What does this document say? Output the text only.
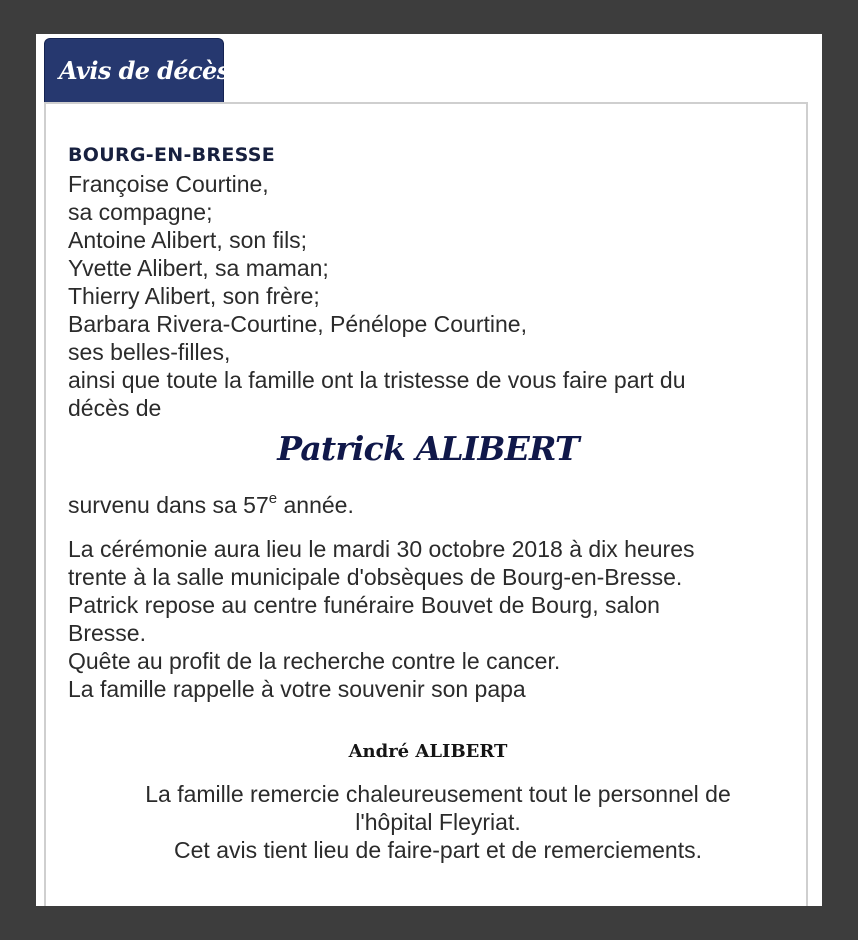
Avis de décès
BOURG-EN-BRESSE
Françoise Courtine,
sa compagne;
Antoine Alibert, son fils;
Yvette Alibert, sa maman;
Thierry Alibert, son frère;
Barbara Rivera-Courtine, Pénélope Courtine,
ses belles-filles,
ainsi que toute la famille ont la tristesse de vous faire part du
décès de
Patrick ALIBERT
survenu dans sa 57e année.
La cérémonie aura lieu le mardi 30 octobre 2018 à dix heures
trente à la salle municipale d'obsèques de Bourg-en-Bresse.
Patrick repose au centre funéraire Bouvet de Bourg, salon
Bresse.
Quête au profit de la recherche contre le cancer.
La famille rappelle à votre souvenir son papa
André ALIBERT
La famille remercie chaleureusement tout le personnel de
l'hôpital Fleyriat.
Cet avis tient lieu de faire-part et de remerciements.
